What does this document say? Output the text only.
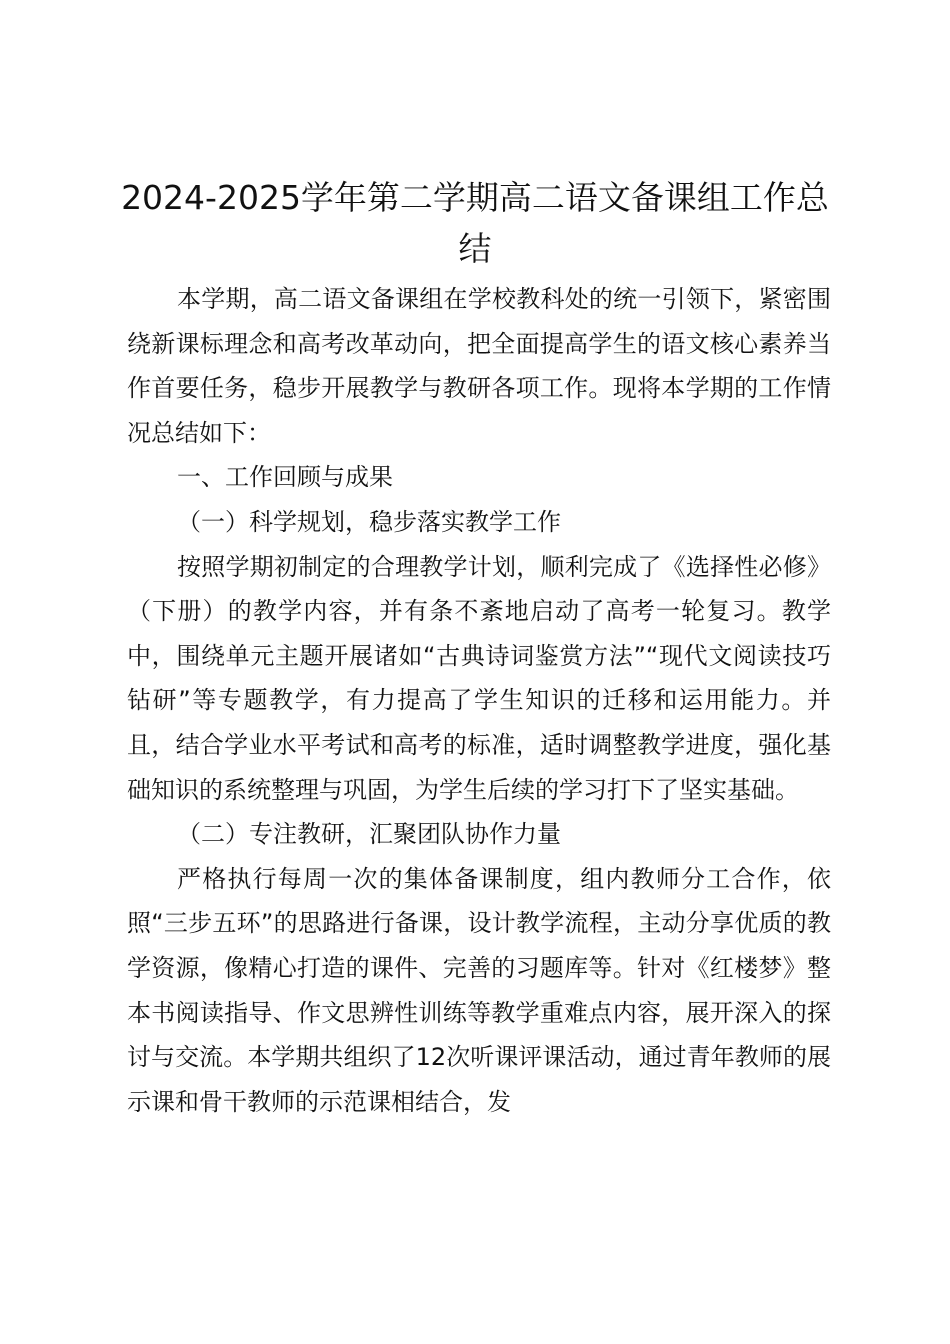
2024-2025学年第二学期高二语文备课组工作总结

本学期，高二语文备课组在学校教科处的统一引领下，紧密围绕新课标理念和高考改革动向，把全面提高学生的语文核心素养当作首要任务，稳步开展教学与教研各项工作。现将本学期的工作情况总结如下：

一、工作回顾与成果

（一）科学规划，稳步落实教学工作

按照学期初制定的合理教学计划，顺利完成了《选择性必修》（下册）的教学内容，并有条不紊地启动了高考一轮复习。教学中，围绕单元主题开展诸如“古典诗词鉴赏方法”“现代文阅读技巧钻研”等专题教学，有力提高了学生知识的迁移和运用能力。并且，结合学业水平考试和高考的标准，适时调整教学进度，强化基础知识的系统整理与巩固，为学生后续的学习打下了坚实基础。

（二）专注教研，汇聚团队协作力量

严格执行每周一次的集体备课制度，组内教师分工合作，依照“三步五环”的思路进行备课，设计教学流程，主动分享优质的教学资源，像精心打造的课件、完善的习题库等。针对《红楼梦》整本书阅读指导、作文思辨性训练等教学重难点内容，展开深入的探讨与交流。本学期共组织了12次听课评课活动，通过青年教师的展示课和骨干教师的示范课相结合，发
